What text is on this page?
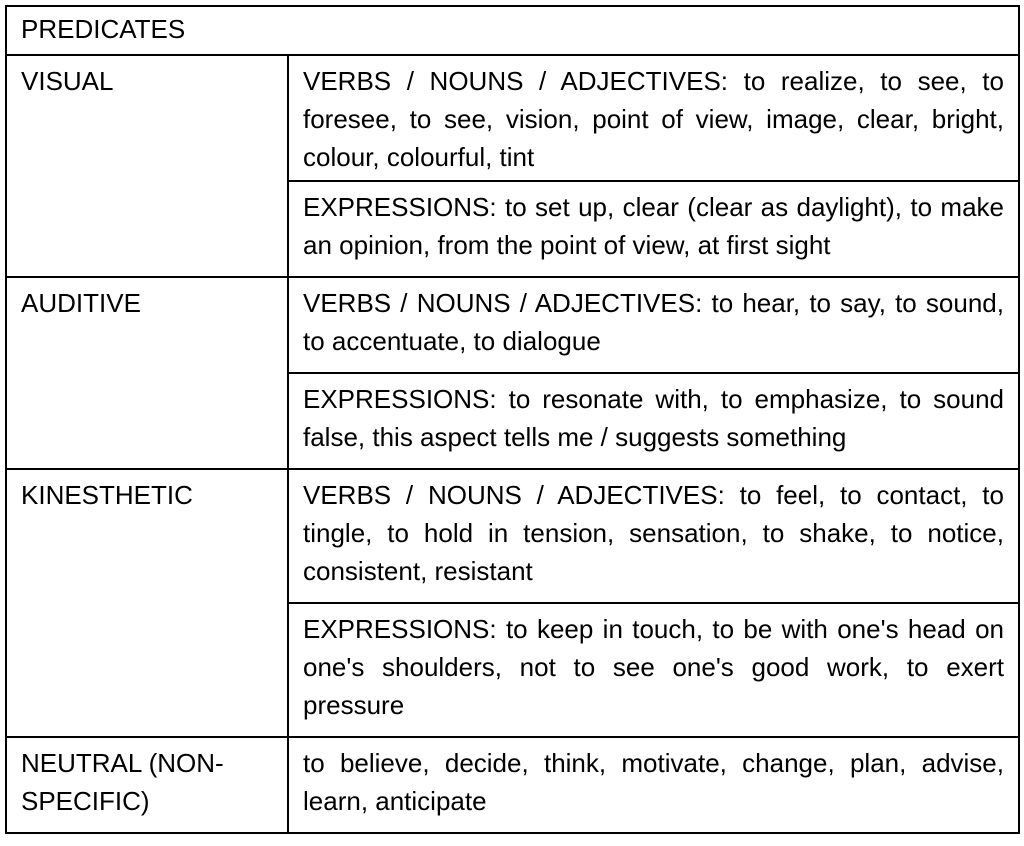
PREDICATES	
VISUAL	VERBS / NOUNS / ADJECTIVES: to realize, to see, to foresee, to see, vision, point of view, image, clear, bright, colour, colourful, tint
	EXPRESSIONS: to set up, clear (clear as daylight), to make an opinion, from the point of view, at first sight
AUDITIVE	VERBS / NOUNS / ADJECTIVES: to hear, to say, to sound, to accentuate, to dialogue
	EXPRESSIONS: to resonate with, to emphasize, to sound false, this aspect tells me / suggests something
KINESTHETIC	VERBS / NOUNS / ADJECTIVES: to feel, to contact, to tingle, to hold in tension, sensation, to shake, to notice, consistent, resistant
	EXPRESSIONS: to keep in touch, to be with one's head on one's shoulders, not to see one's good work, to exert pressure
NEUTRAL (NON-SPECIFIC)	to believe, decide, think, motivate, change, plan, advise, learn, anticipate
